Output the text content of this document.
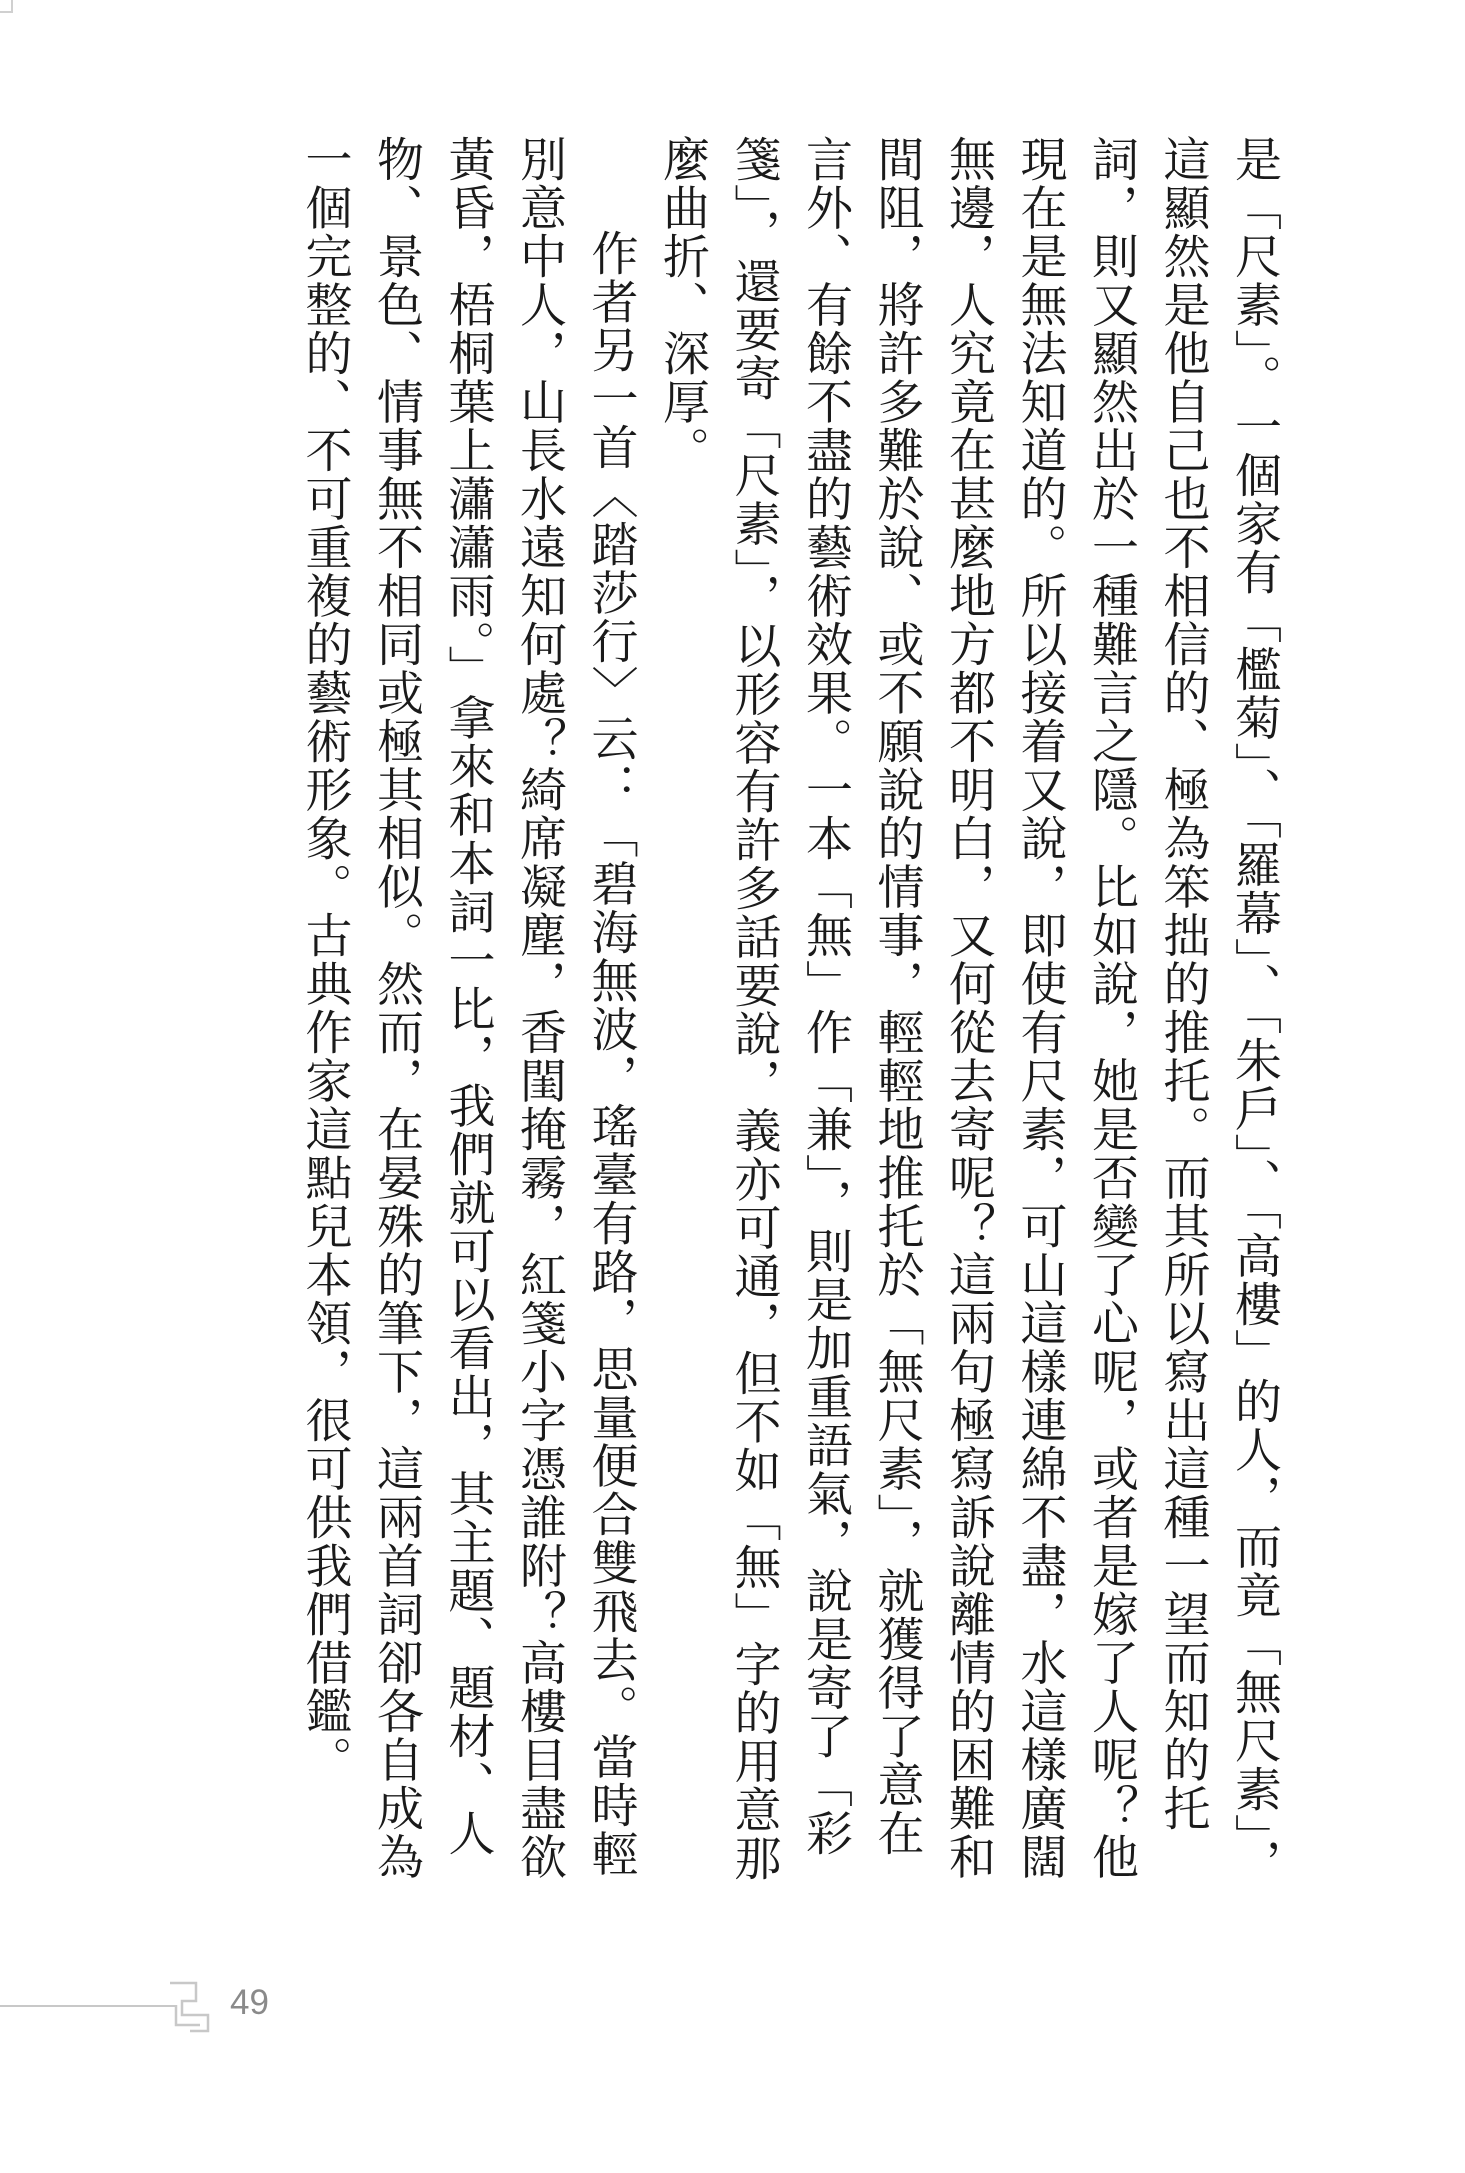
是「尺素」。一個家有「檻菊」、「羅幕」、「朱戶」、「高樓」的人，而竟「無尺素」，這顯然是他自己也不相信的、極為笨拙的推托。而其所以寫出這種一望而知的托詞，則又顯然出於一種難言之隱。比如說，她是否變了心呢，或者是嫁了人呢？他現在是無法知道的。所以接着又說，即使有尺素，可山這樣連綿不盡，水這樣廣闊無邊，人究竟在甚麼地方都不明白，又何從去寄呢？這兩句極寫訴說離情的困難和間阻，將許多難於說、或不願說的情事，輕輕地推托於「無尺素」，就獲得了意在言外、有餘不盡的藝術效果。一本「無」作「兼」，則是加重語氣，說是寄了「彩箋」，還要寄「尺素」，以形容有許多話要說，義亦可通，但不如「無」字的用意那麼曲折、深厚。

作者另一首〈踏莎行〉云：「碧海無波，瑤臺有路，思量便合雙飛去。當時輕別意中人，山長水遠知何處？綺席凝塵，香閨掩霧，紅箋小字憑誰附？高樓目盡欲黃昏，梧桐葉上瀟瀟雨。」拿來和本詞一比，我們就可以看出，其主題、題材、人物、景色、情事無不相同或極其相似。然而，在晏殊的筆下，這兩首詞卻各自成為一個完整的、不可重複的藝術形象。古典作家這點兒本領，很可供我們借鑑。

49
